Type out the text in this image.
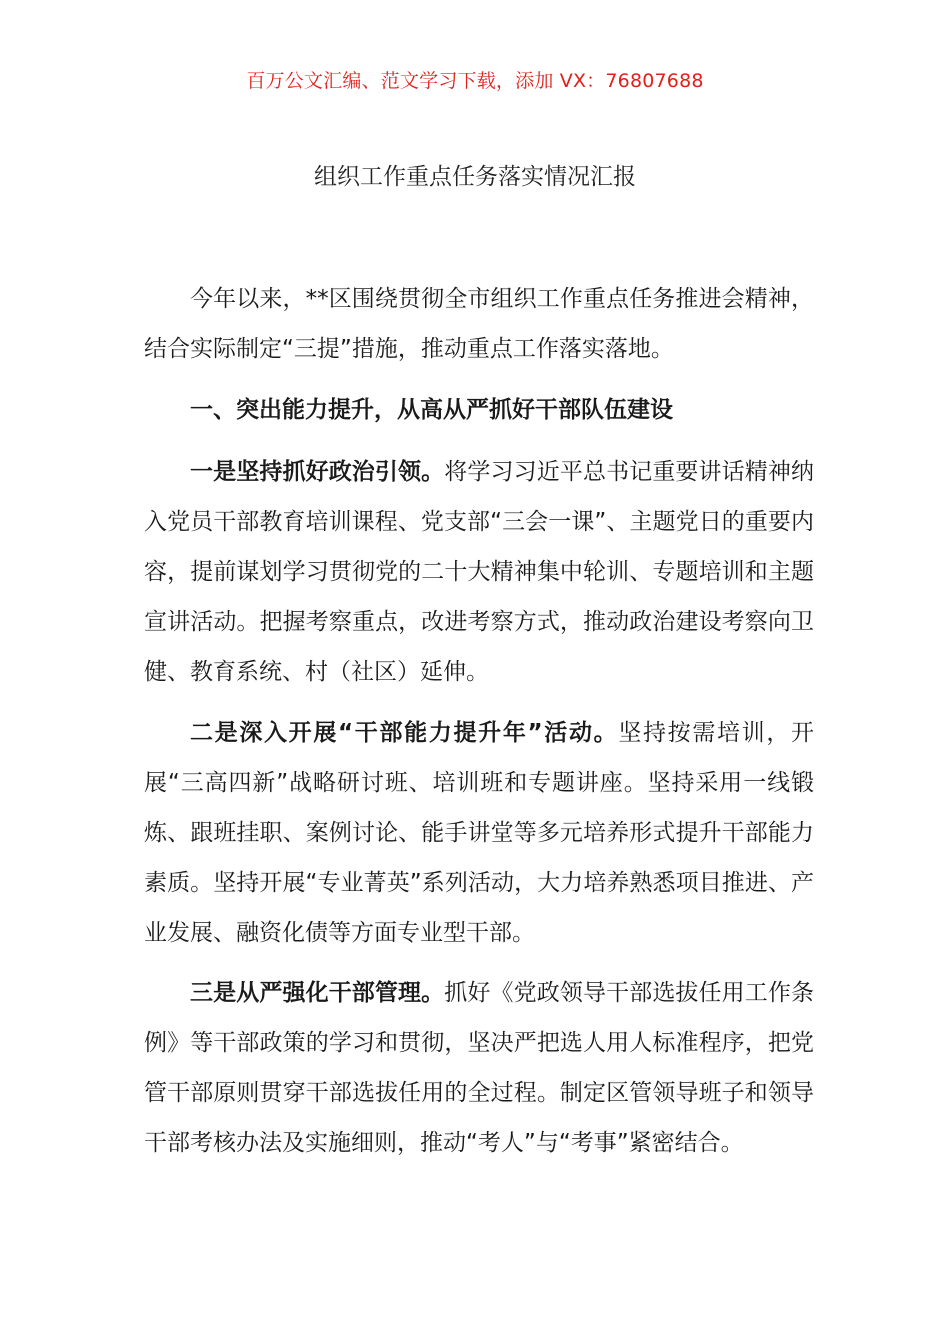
百万公文汇编、范文学习下载，添加 VX：76807688
组织工作重点任务落实情况汇报

今年以来，**区围绕贯彻全市组织工作重点任务推进会精神，结合实际制定“三提”措施，推动重点工作落实落地。

一、突出能力提升，从高从严抓好干部队伍建设

一是坚持抓好政治引领。将学习习近平总书记重要讲话精神纳入党员干部教育培训课程、党支部“三会一课”、主题党日的重要内容，提前谋划学习贯彻党的二十大精神集中轮训、专题培训和主题宣讲活动。把握考察重点，改进考察方式，推动政治建设考察向卫健、教育系统、村（社区）延伸。

二是深入开展“干部能力提升年”活动。坚持按需培训，开展“三高四新”战略研讨班、培训班和专题讲座。坚持采用一线锻炼、跟班挂职、案例讨论、能手讲堂等多元培养形式提升干部能力素质。坚持开展“专业菁英”系列活动，大力培养熟悉项目推进、产业发展、融资化债等方面专业型干部。

三是从严强化干部管理。抓好《党政领导干部选拔任用工作条例》等干部政策的学习和贯彻，坚决严把选人用人标准程序，把党管干部原则贯穿干部选拔任用的全过程。制定区管领导班子和领导干部考核办法及实施细则，推动“考人”与“考事”紧密结合。
